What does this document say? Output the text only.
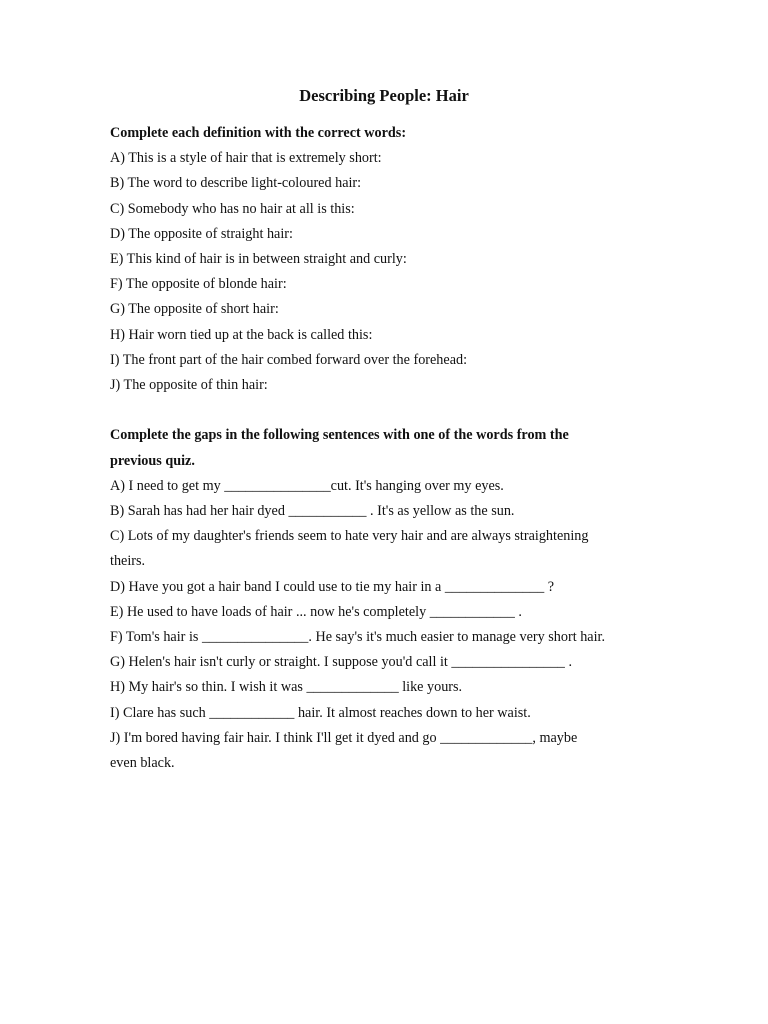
Describing People: Hair

Complete each definition with the correct words:

A) This is a style of hair that is extremely short:

B) The word to describe light-coloured hair:

C) Somebody who has no hair at all is this:

D) The opposite of straight hair:

E) This kind of hair is in between straight and curly:

F) The opposite of blonde hair:

G) The opposite of short hair:

H) Hair worn tied up at the back is called this:

I) The front part of the hair combed forward over the forehead:

J) The opposite of thin hair:

Complete the gaps in the following sentences with one of the words from the

previous quiz.

A) I need to get my _______________cut. It's hanging over my eyes.

B) Sarah has had her hair dyed ___________ . It's as yellow as the sun.

C) Lots of my daughter's friends seem to hate very hair and are always straightening

theirs.

D) Have you got a hair band I could use to tie my hair in a ______________ ?

E) He used to have loads of hair ... now he's completely ____________ .

F) Tom's hair is _______________. He say's it's much easier to manage very short hair.

G) Helen's hair isn't curly or straight. I suppose you'd call it ________________ .

H) My hair's so thin. I wish it was _____________ like yours.

I) Clare has such ____________ hair. It almost reaches down to her waist.

J) I'm bored having fair hair. I think I'll get it dyed and go _____________, maybe

even black.
